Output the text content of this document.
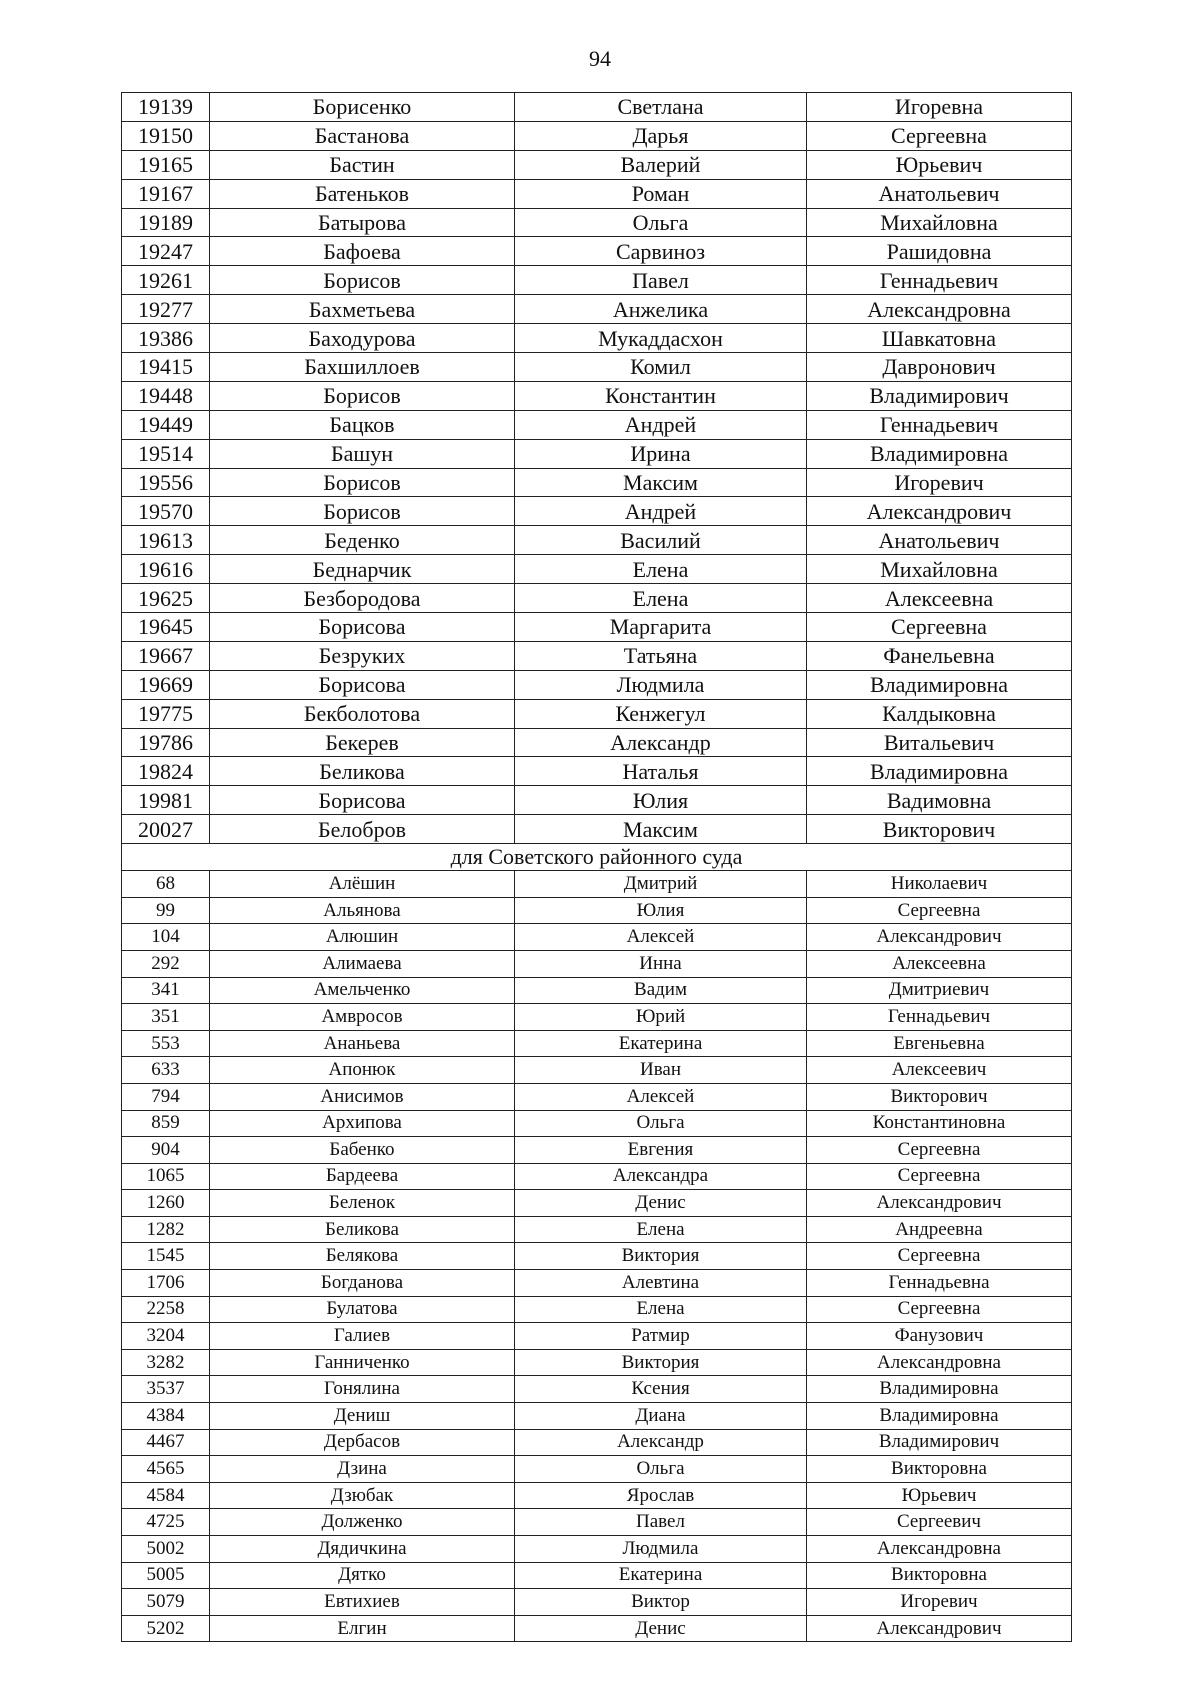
94
19139	Борисенко	Светлана	Игоревна
19150	Бастанова	Дарья	Сергеевна
19165	Бастин	Валерий	Юрьевич
19167	Батеньков	Роман	Анатольевич
19189	Батырова	Ольга	Михайловна
19247	Бафоева	Сарвиноз	Рашидовна
19261	Борисов	Павел	Геннадьевич
19277	Бахметьева	Анжелика	Александровна
19386	Баходурова	Мукаддасхон	Шавкатовна
19415	Бахшиллоев	Комил	Давронович
19448	Борисов	Константин	Владимирович
19449	Бацков	Андрей	Геннадьевич
19514	Башун	Ирина	Владимировна
19556	Борисов	Максим	Игоревич
19570	Борисов	Андрей	Александрович
19613	Беденко	Василий	Анатольевич
19616	Беднарчик	Елена	Михайловна
19625	Безбородова	Елена	Алексеевна
19645	Борисова	Маргарита	Сергеевна
19667	Безруких	Татьяна	Фанельевна
19669	Борисова	Людмила	Владимировна
19775	Бекболотова	Кенжегул	Калдыковна
19786	Бекерев	Александр	Витальевич
19824	Беликова	Наталья	Владимировна
19981	Борисова	Юлия	Вадимовна
20027	Белобров	Максим	Викторович
для Советского районного суда			
68	Алёшин	Дмитрий	Николаевич
99	Альянова	Юлия	Сергеевна
104	Алюшин	Алексей	Александрович
292	Алимаева	Инна	Алексеевна
341	Амельченко	Вадим	Дмитриевич
351	Амвросов	Юрий	Геннадьевич
553	Ананьева	Екатерина	Евгеньевна
633	Апонюк	Иван	Алексеевич
794	Анисимов	Алексей	Викторович
859	Архипова	Ольга	Константиновна
904	Бабенко	Евгения	Сергеевна
1065	Бардеева	Александра	Сергеевна
1260	Беленок	Денис	Александрович
1282	Беликова	Елена	Андреевна
1545	Белякова	Виктория	Сергеевна
1706	Богданова	Алевтина	Геннадьевна
2258	Булатова	Елена	Сергеевна
3204	Галиев	Ратмир	Фанузович
3282	Ганниченко	Виктория	Александровна
3537	Гонялина	Ксения	Владимировна
4384	Дениш	Диана	Владимировна
4467	Дербасов	Александр	Владимирович
4565	Дзина	Ольга	Викторовна
4584	Дзюбак	Ярослав	Юрьевич
4725	Долженко	Павел	Сергеевич
5002	Дядичкина	Людмила	Александровна
5005	Дятко	Екатерина	Викторовна
5079	Евтихиев	Виктор	Игоревич
5202	Елгин	Денис	Александрович
